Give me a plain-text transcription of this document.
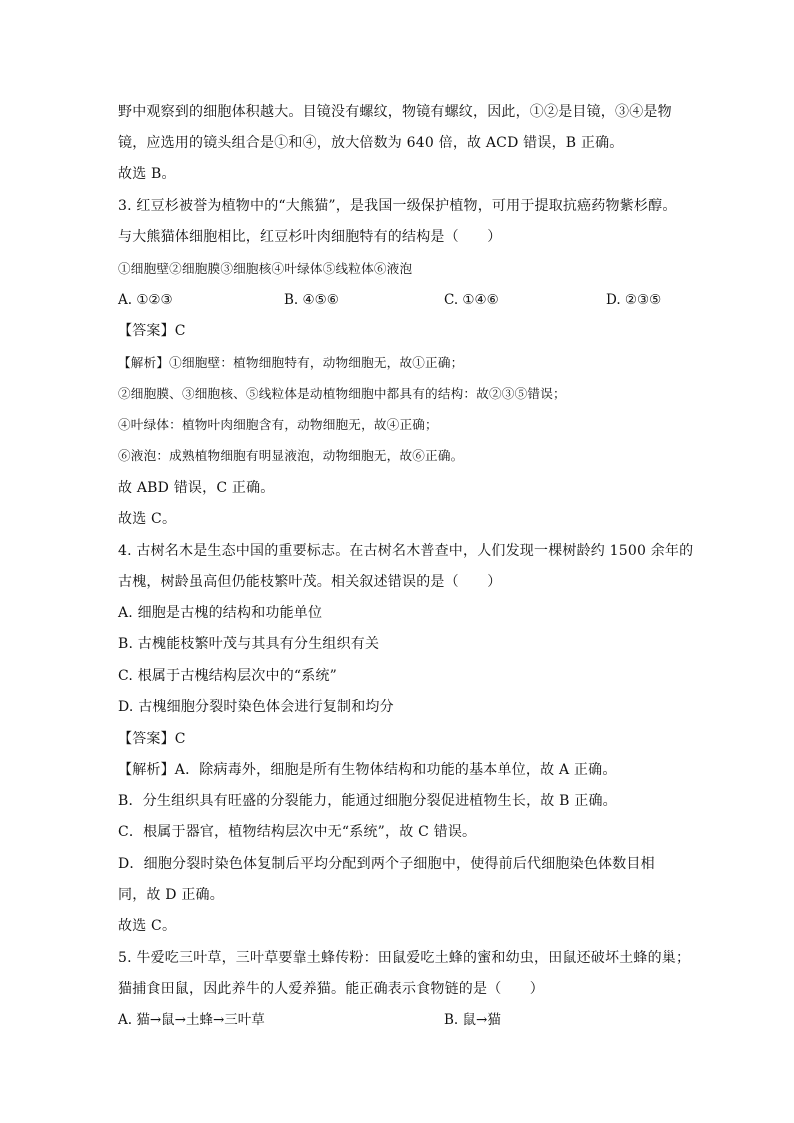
野中观察到的细胞体积越大。目镜没有螺纹，物镜有螺纹，因此，①②是目镜，③④是物
镜，应选用的镜头组合是①和④，放大倍数为 640 倍，故 ACD 错误，B 正确。
故选 B。
3. 红豆杉被誉为植物中的“大熊猫”，是我国一级保护植物，可用于提取抗癌药物紫杉醇。
与大熊猫体细胞相比，红豆杉叶肉细胞特有的结构是（　　）
①细胞壁②细胞膜③细胞核④叶绿体⑤线粒体⑥液泡
A. ①②③	B. ④⑤⑥	C. ①④⑥	D. ②③⑤
【答案】C
【解析】①细胞壁：植物细胞特有，动物细胞无，故①正确；
②细胞膜、③细胞核、⑤线粒体是动植物细胞中都具有的结构：故②③⑤错误；
④叶绿体：植物叶肉细胞含有，动物细胞无，故④正确；
⑥液泡：成熟植物细胞有明显液泡，动物细胞无，故⑥正确。
故 ABD 错误，C 正确。
故选 C。
4. 古树名木是生态中国的重要标志。在古树名木普查中，人们发现一棵树龄约 1500 余年的
古槐，树龄虽高但仍能枝繁叶茂。相关叙述错误的是（　　）
A. 细胞是古槐的结构和功能单位
B. 古槐能枝繁叶茂与其具有分生组织有关
C. 根属于古槐结构层次中的“系统”
D. 古槐细胞分裂时染色体会进行复制和均分
【答案】C
【解析】A．除病毒外，细胞是所有生物体结构和功能的基本单位，故 A 正确。
B．分生组织具有旺盛的分裂能力，能通过细胞分裂促进植物生长，故 B 正确。
C．根属于器官，植物结构层次中无“系统”，故 C 错误。
D．细胞分裂时染色体复制后平均分配到两个子细胞中，使得前后代细胞染色体数目相
同，故 D 正确。
故选 C。
5. 牛爱吃三叶草，三叶草要靠土蜂传粉：田鼠爱吃土蜂的蜜和幼虫，田鼠还破坏土蜂的巢；
猫捕食田鼠，因此养牛的人爱养猫。能正确表示食物链的是（　　）
A. 猫→鼠→土蜂→三叶草	B. 鼠→猫
